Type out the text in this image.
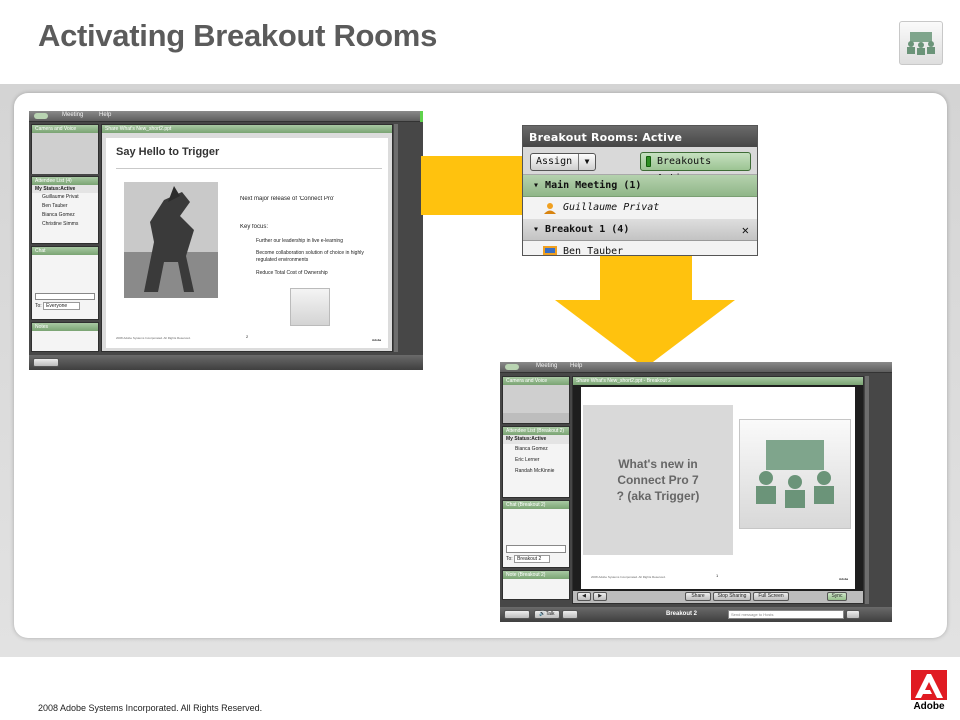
Activating Breakout Rooms
Meeting	Help
Camera and Voice
Attendee List (4)
My Status:Active
Guillaume Privat
Ben Tauber
Bianca Gomez
Christine Simms
Chat
To: Everyone
Notes
Share What's New_short2.ppt
Say Hello to Trigger
Next major release of 'Connect Pro'
Key focus:
Further our leadership in live e-learning
Become collaboration solution of choice in highly regulated environments
Reduce Total Cost of Ownership
2008 Adobe Systems Incorporated. All Rights Reserved.	2
Adobe
Breakout Rooms: Active
Assign	▼	Breakouts
▾ Main Meeting (1)
Guillaume Privat
▾ Breakout 1 (4)	✕
Ben Tauber
Meeting Help
Camera and Voice
Attendee List (Breakout 2)
My Status:Active
Bianca Gomez
Eric Lerner
Randah McKinnie
Chat (Breakout 2)
To: Breakout 2
Note (Breakout 2)
Share What's New_short2.ppt - Breakout 2
What's new in Connect Pro 7 ? (aka Trigger)
2008 Adobe Systems Incorporated. All Rights Reserved.	1
Adobe
◀	▶	Share	Stop Sharing	Full Screen	Sync
🔊Talk	Breakout 2	Send message to Hosts
2008 Adobe Systems Incorporated. All Rights Reserved.	Adobe
